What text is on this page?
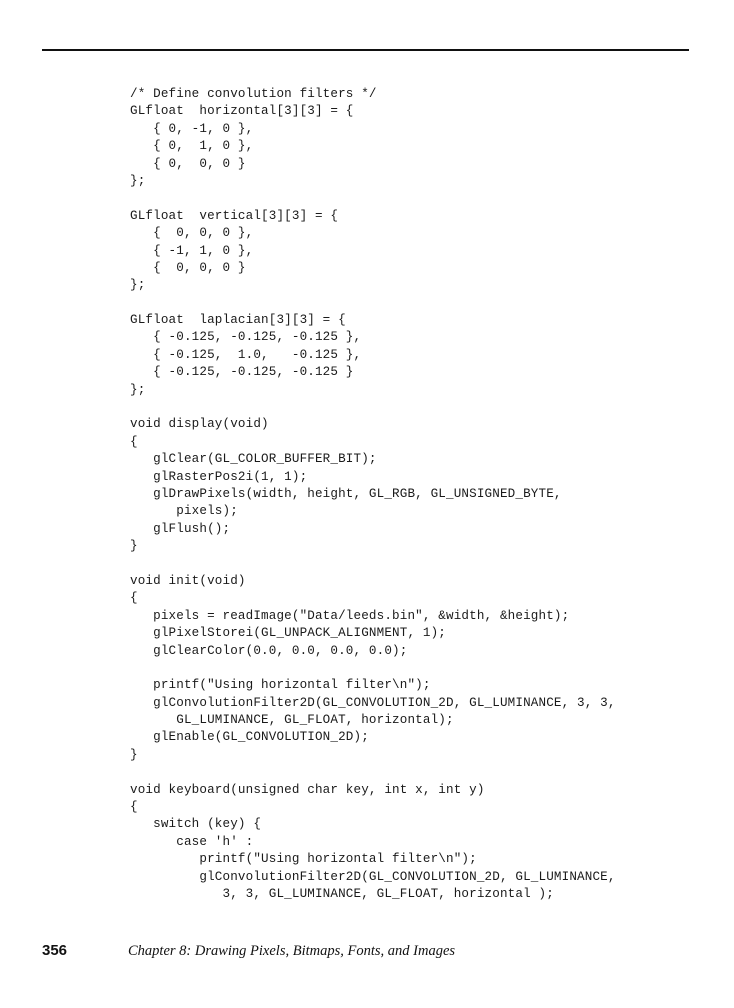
/* Define convolution filters */
GLfloat  horizontal[3][3] = {
{ 0, -1, 0 },
{ 0,  1, 0 },
{ 0,  0, 0 }
};

GLfloat  vertical[3][3] = {
{  0, 0, 0 },
{ -1, 1, 0 },
{  0, 0, 0 }
};

GLfloat  laplacian[3][3] = {
{ -0.125, -0.125, -0.125 },
{ -0.125,  1.0,   -0.125 },
{ -0.125, -0.125, -0.125 }
};

void display(void)
{
glClear(GL_COLOR_BUFFER_BIT);
glRasterPos2i(1, 1);
glDrawPixels(width, height, GL_RGB, GL_UNSIGNED_BYTE,
pixels);
glFlush();
}

void init(void)
{
pixels = readImage("Data/leeds.bin", &width, &height);
glPixelStorei(GL_UNPACK_ALIGNMENT, 1);
glClearColor(0.0, 0.0, 0.0, 0.0);

printf("Using horizontal filter\n");
glConvolutionFilter2D(GL_CONVOLUTION_2D, GL_LUMINANCE, 3, 3,
GL_LUMINANCE, GL_FLOAT, horizontal);
glEnable(GL_CONVOLUTION_2D);
}

void keyboard(unsigned char key, int x, int y)
{
switch (key) {
case 'h' :
printf("Using horizontal filter\n");
glConvolutionFilter2D(GL_CONVOLUTION_2D, GL_LUMINANCE,
3, 3, GL_LUMINANCE, GL_FLOAT, horizontal );
356	Chapter 8: Drawing Pixels, Bitmaps, Fonts, and Images
